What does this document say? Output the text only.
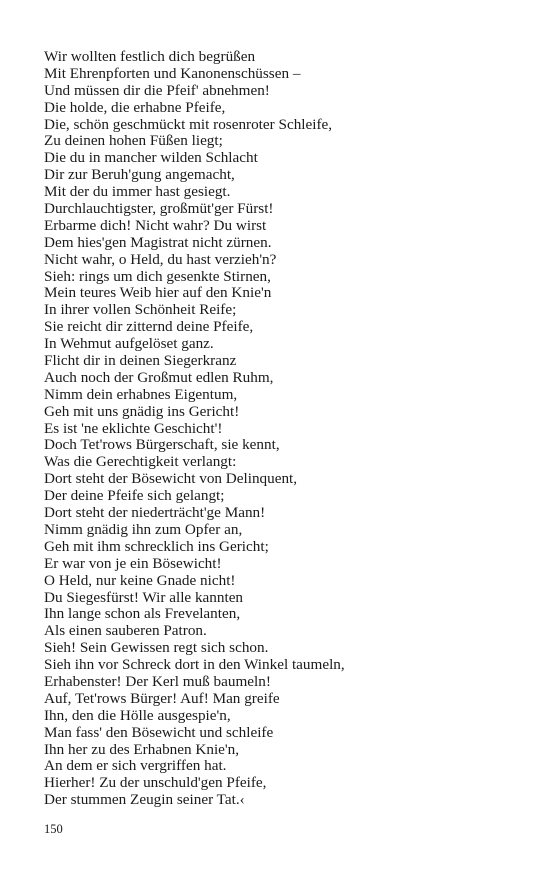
Wir wollten festlich dich begrüßen
Mit Ehrenpforten und Kanonenschüssen –
Und müssen dir die Pfeif' abnehmen!
Die holde, die erhabne Pfeife,
Die, schön geschmückt mit rosenroter Schleife,
Zu deinen hohen Füßen liegt;
Die du in mancher wilden Schlacht
Dir zur Beruh'gung angemacht,
Mit der du immer hast gesiegt.
Durchlauchtigster, großmüt'ger Fürst!
Erbarme dich! Nicht wahr? Du wirst
Dem hies'gen Magistrat nicht zürnen.
Nicht wahr, o Held, du hast verzieh'n?
Sieh: rings um dich gesenkte Stirnen,
Mein teures Weib hier auf den Knie'n
In ihrer vollen Schönheit Reife;
Sie reicht dir zitternd deine Pfeife,
In Wehmut aufgelöset ganz.
Flicht dir in deinen Siegerkranz
Auch noch der Großmut edlen Ruhm,
Nimm dein erhabnes Eigentum,
Geh mit uns gnädig ins Gericht!
Es ist 'ne eklichte Geschicht'!
Doch Tet'rows Bürgerschaft, sie kennt,
Was die Gerechtigkeit verlangt:
Dort steht der Bösewicht von Delinquent,
Der deine Pfeife sich gelangt;
Dort steht der niederträcht'ge Mann!
Nimm gnädig ihn zum Opfer an,
Geh mit ihm schrecklich ins Gericht;
Er war von je ein Bösewicht!
O Held, nur keine Gnade nicht!
Du Siegesfürst! Wir alle kannten
Ihn lange schon als Frevelanten,
Als einen sauberen Patron.
Sieh! Sein Gewissen regt sich schon.
Sieh ihn vor Schreck dort in den Winkel taumeln,
Erhabenster! Der Kerl muß baumeln!
Auf, Tet'rows Bürger! Auf! Man greife
Ihn, den die Hölle ausgespie'n,
Man fass' den Bösewicht und schleife
Ihn her zu des Erhabnen Knie'n,
An dem er sich vergriffen hat.
Hierher! Zu der unschuld'gen Pfeife,
Der stummen Zeugin seiner Tat.‹
150
